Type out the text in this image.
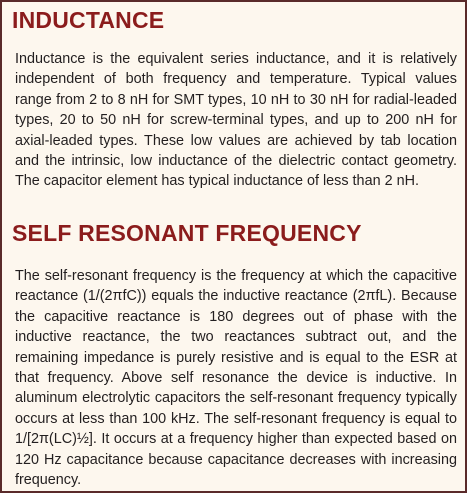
INDUCTANCE

Inductance is the equivalent series inductance, and it is relatively independent of both frequency and temperature. Typical values range from 2 to 8 nH for SMT types, 10 nH to 30 nH for radial-leaded types, 20 to 50 nH for screw-terminal types, and up to 200 nH for axial-leaded types. These low values are achieved by tab location and the intrinsic, low inductance of the dielectric contact geometry. The capacitor element has typical inductance of less than 2 nH.

SELF RESONANT FREQUENCY

The self-resonant frequency is the frequency at which the capacitive reactance (1/(2πfC)) equals the inductive reactance (2πfL). Because the capacitive reactance is 180 degrees out of phase with the inductive reactance, the two reactances subtract out, and the remaining impedance is purely resistive and is equal to the ESR at that frequency. Above self resonance the device is inductive. In aluminum electrolytic capacitors the self-resonant frequency typically occurs at less than 100 kHz. The self-resonant frequency is equal to 1/[2π(LC)½]. It occurs at a frequency higher than expected based on 120 Hz capacitance because capacitance decreases with increasing frequency.
